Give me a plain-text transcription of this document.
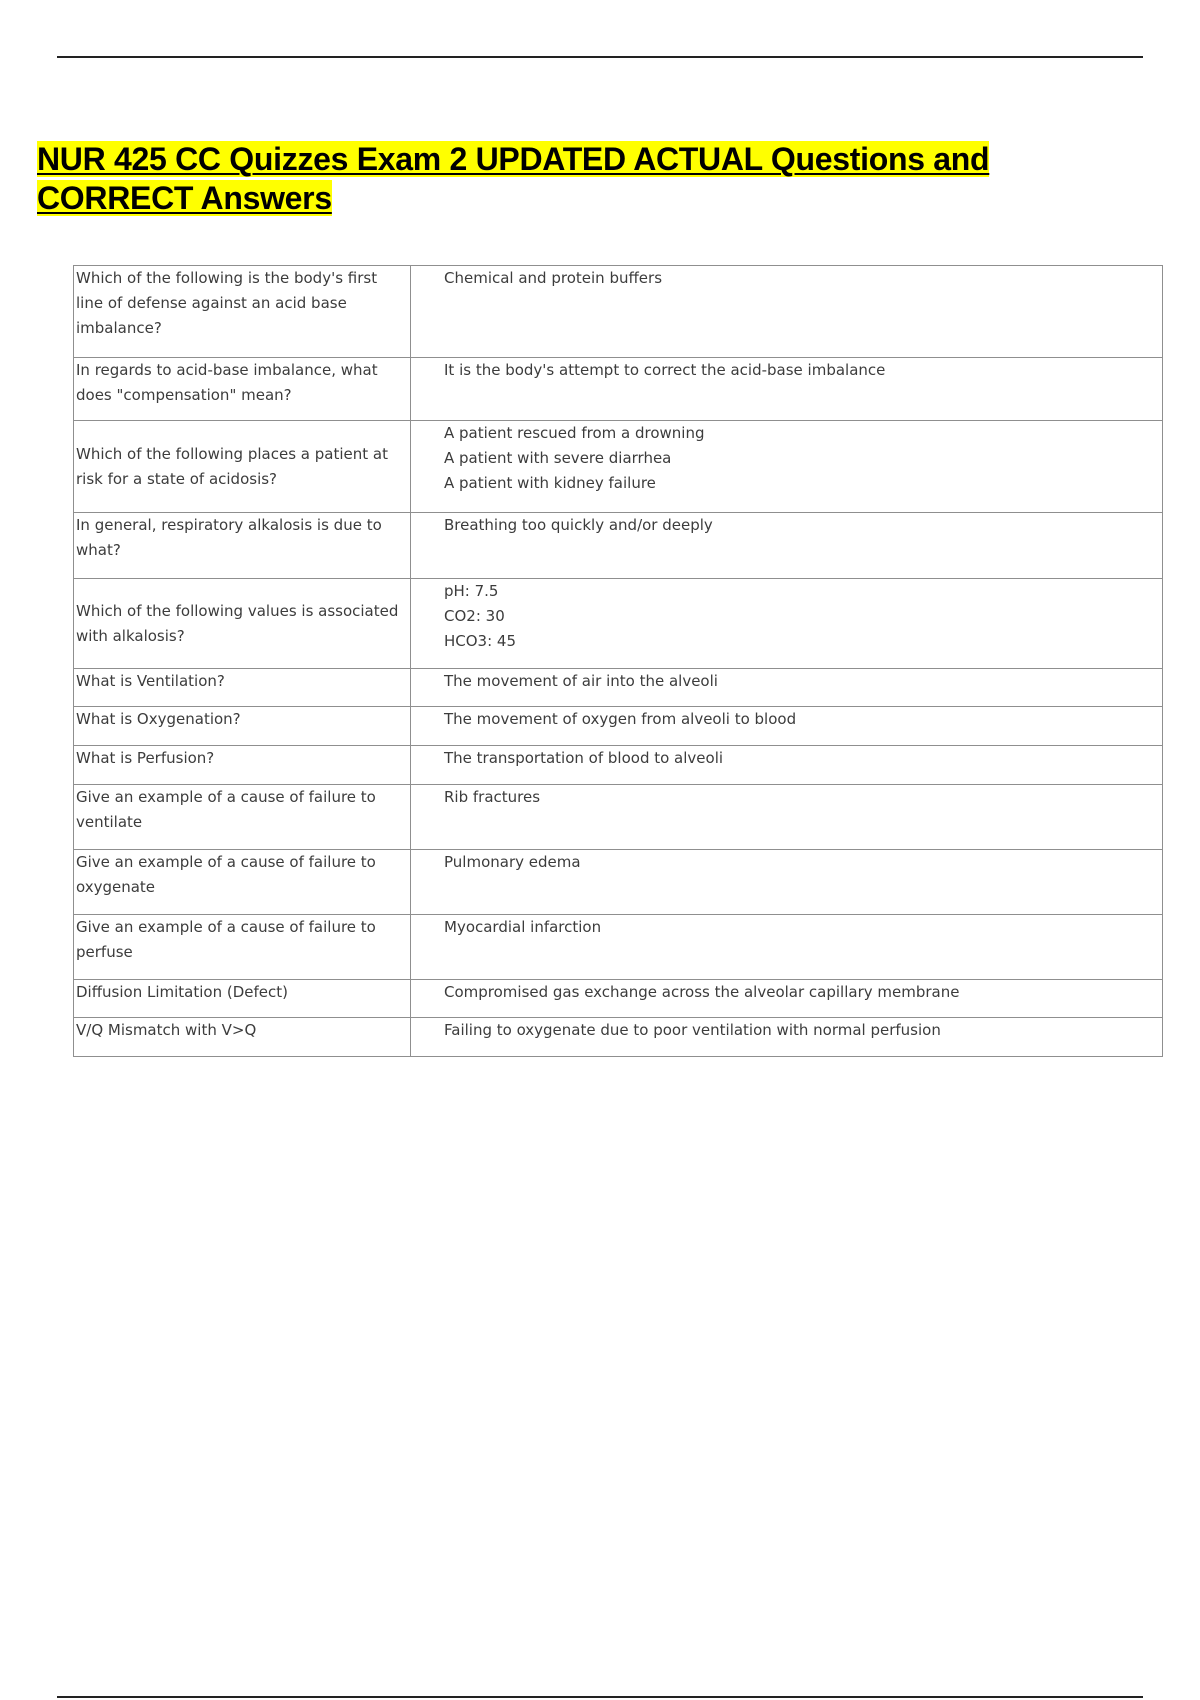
NUR 425 CC Quizzes Exam 2 UPDATED ACTUAL Questions and CORRECT Answers
Which of the following is the body's first line of defense against an acid base imbalance?	Chemical and protein buffers

In regards to acid-base imbalance, what does "compensation" mean?	It is the body's attempt to correct the acid-base imbalance

Which of the following places a patient at risk for a state of acidosis?	A patient rescued from a drowning
A patient with severe diarrhea
A patient with kidney failure

In general, respiratory alkalosis is due to what?	Breathing too quickly and/or deeply

Which of the following values is associated with alkalosis?	pH: 7.5
CO2: 30
HCO3: 45

What is Ventilation?	The movement of air into the alveoli

What is Oxygenation?	The movement of oxygen from alveoli to blood

What is Perfusion?	The transportation of blood to alveoli

Give an example of a cause of failure to ventilate	Rib fractures

Give an example of a cause of failure to oxygenate	Pulmonary edema

Give an example of a cause of failure to perfuse	Myocardial infarction

Diffusion Limitation (Defect)	Compromised gas exchange across the alveolar capillary membrane

V/Q Mismatch with V>Q	Failing to oxygenate due to poor ventilation with normal perfusion
